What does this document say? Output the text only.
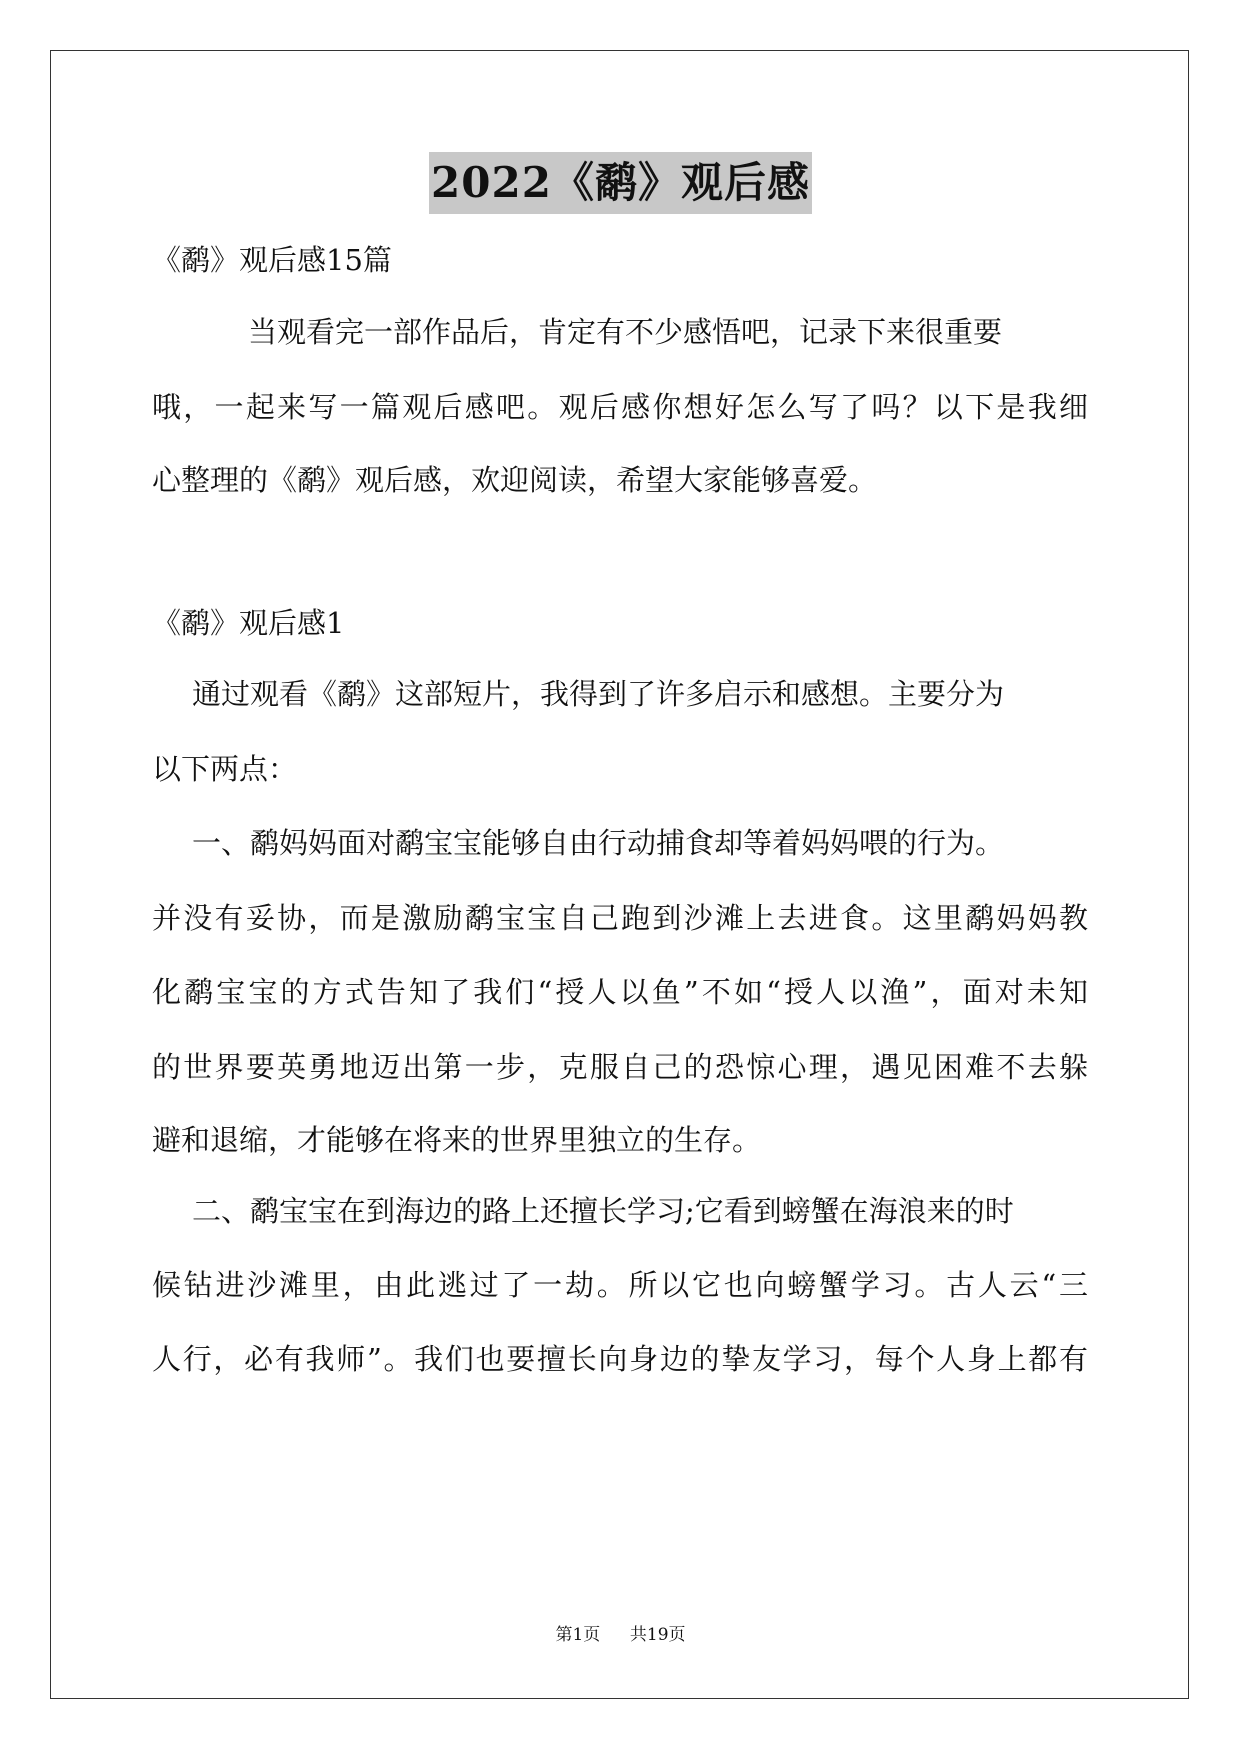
2022《鹬》观后感
《鹬》观后感15篇
当观看完一部作品后，肯定有不少感悟吧，记录下来很重要
哦，一起来写一篇观后感吧。观后感你想好怎么写了吗？以下是我细
心整理的《鹬》观后感，欢迎阅读，希望大家能够喜爱。
《鹬》观后感1
通过观看《鹬》这部短片，我得到了许多启示和感想。主要分为
以下两点：
一、鹬妈妈面对鹬宝宝能够自由行动捕食却等着妈妈喂的行为。
并没有妥协，而是激励鹬宝宝自己跑到沙滩上去进食。这里鹬妈妈教
化鹬宝宝的方式告知了我们“授人以鱼”不如“授人以渔”，面对未知
的世界要英勇地迈出第一步，克服自己的恐惊心理，遇见困难不去躲
避和退缩，才能够在将来的世界里独立的生存。
二、鹬宝宝在到海边的路上还擅长学习;它看到螃蟹在海浪来的时
候钻进沙滩里，由此逃过了一劫。所以它也向螃蟹学习。古人云“三
人行，必有我师”。我们也要擅长向身边的挚友学习，每个人身上都有
第1页 共19页
